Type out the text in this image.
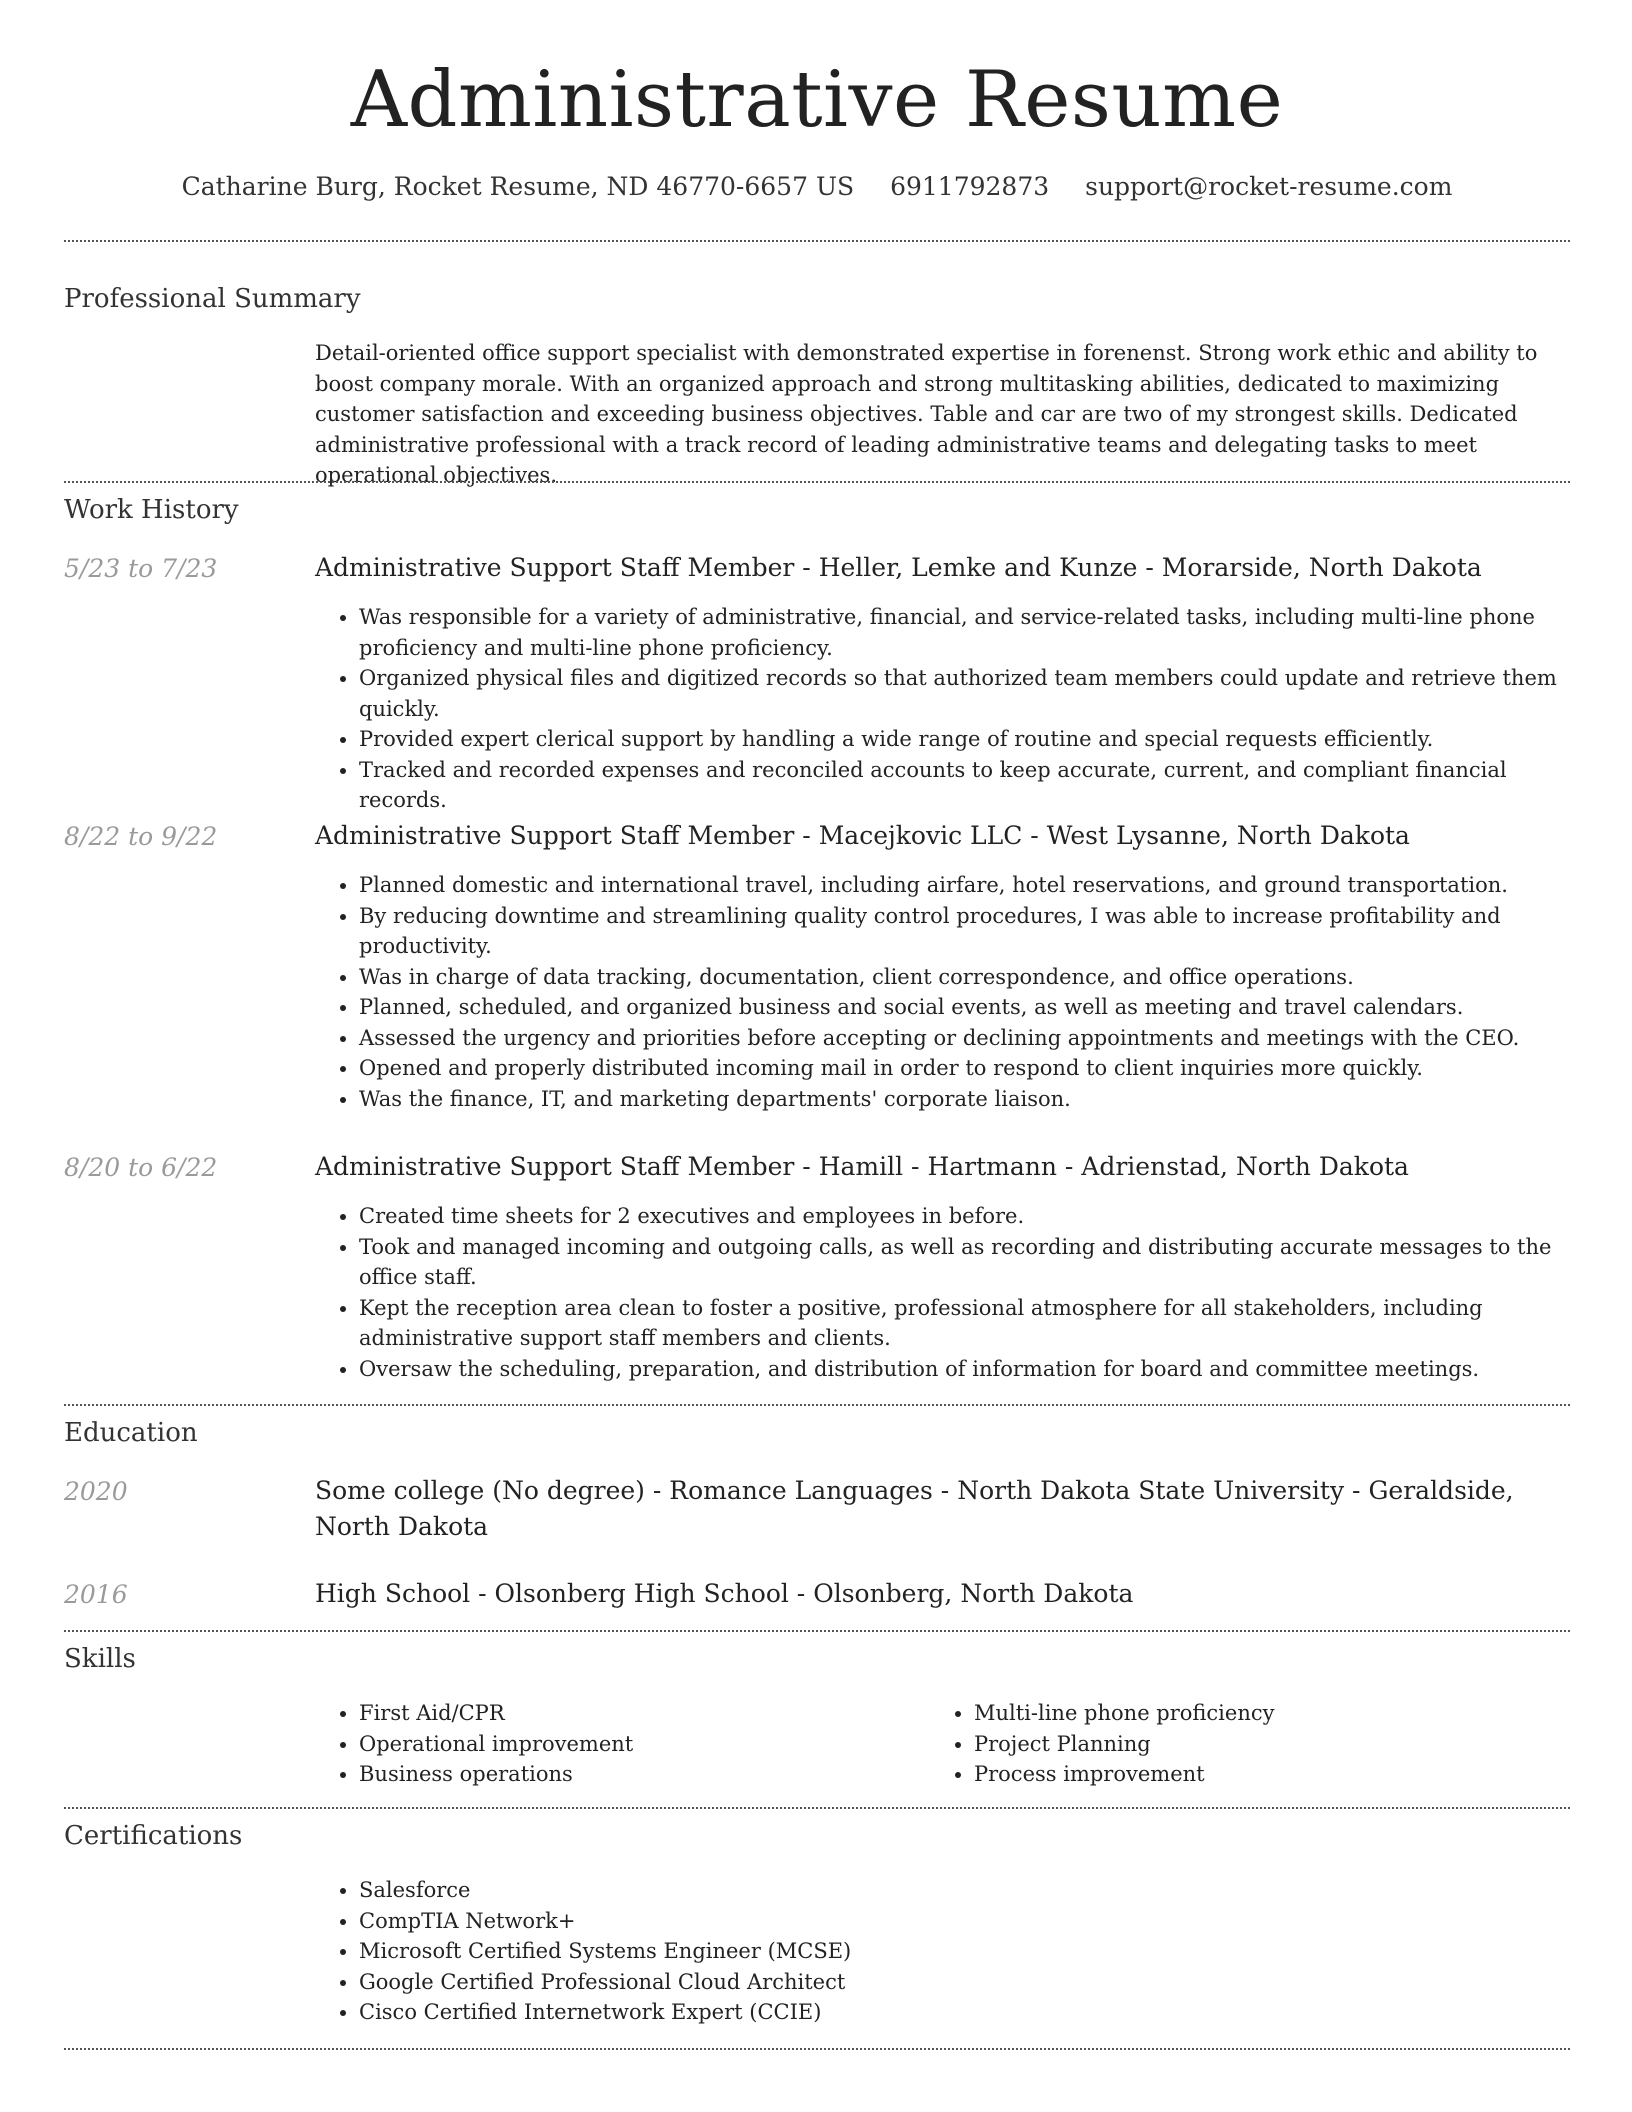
Administrative Resume
Catharine Burg, Rocket Resume, ND 46770-6657 US 6911792873 support@rocket-resume.com
Professional Summary

Detail-oriented office support specialist with demonstrated expertise in forenenst. Strong work ethic and ability to boost company morale. With an organized approach and strong multitasking abilities, dedicated to maximizing customer satisfaction and exceeding business objectives. Table and car are two of my strongest skills. Dedicated administrative professional with a track record of leading administrative teams and delegating tasks to meet operational objectives.

Work History
5/23 to 7/23	Administrative Support Staff Member - Heller, Lemke and Kunze - Morarside, North Dakota
• Was responsible for a variety of administrative, financial, and service-related tasks, including multi-line phone proficiency and multi-line phone proficiency.
• Organized physical files and digitized records so that authorized team members could update and retrieve them quickly.
• Provided expert clerical support by handling a wide range of routine and special requests efficiently.
• Tracked and recorded expenses and reconciled accounts to keep accurate, current, and compliant financial records.
8/22 to 9/22	Administrative Support Staff Member - Macejkovic LLC - West Lysanne, North Dakota
• Planned domestic and international travel, including airfare, hotel reservations, and ground transportation.
• By reducing downtime and streamlining quality control procedures, I was able to increase profitability and productivity.
• Was in charge of data tracking, documentation, client correspondence, and office operations.
• Planned, scheduled, and organized business and social events, as well as meeting and travel calendars.
• Assessed the urgency and priorities before accepting or declining appointments and meetings with the CEO.
• Opened and properly distributed incoming mail in order to respond to client inquiries more quickly.
• Was the finance, IT, and marketing departments' corporate liaison.
8/20 to 6/22	Administrative Support Staff Member - Hamill - Hartmann - Adrienstad, North Dakota
• Created time sheets for 2 executives and employees in before.
• Took and managed incoming and outgoing calls, as well as recording and distributing accurate messages to the office staff.
• Kept the reception area clean to foster a positive, professional atmosphere for all stakeholders, including administrative support staff members and clients.
• Oversaw the scheduling, preparation, and distribution of information for board and committee meetings.
Education
2020	Some college (No degree) - Romance Languages - North Dakota State University - Geraldside, North Dakota
2016	High School - Olsonberg High School - Olsonberg, North Dakota
Skills
• First Aid/CPR
• Operational improvement
• Business operations
• Multi-line phone proficiency
• Project Planning
• Process improvement
Certifications
• Salesforce
• CompTIA Network+
• Microsoft Certified Systems Engineer (MCSE)
• Google Certified Professional Cloud Architect
• Cisco Certified Internetwork Expert (CCIE)
